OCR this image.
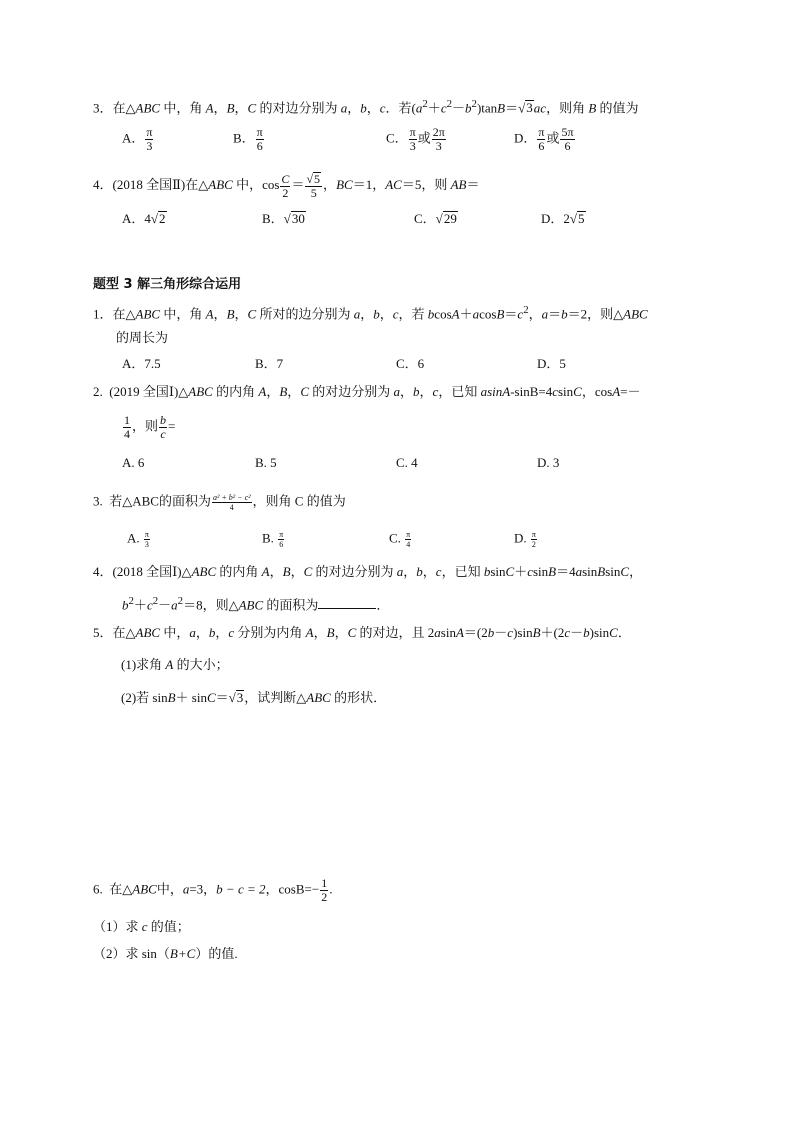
3．在△ABC 中，角 A，B，C 的对边分别为 a，b，c．若$(a^2+c^2-b^2)\tan B=√3ac$，则角 B 的值为
A． $\frac{\pi}{3}$	B． $\frac{\pi}{6}$	C． $\frac{\pi}{3}$ 或 $\frac{2\pi}{3}$	D． $\frac{\pi}{6}$ 或 $\frac{5\pi}{6}$
4．(2018 全国Ⅱ)在△ABC 中，$\cos \frac{C}{2} = \frac{√5}{5}$ ，BC＝1，AC＝5，则 AB＝
A．4√2	B．√30	C．√29	D．2√5
题型 3 解三角形综合运用
1．在△ABC 中，角 A，B，C 所对的边分别为 a，b，c，若 $bcosA+acosB=c^2$，a＝b＝2，则△ABC
的周长为
A．7.5	B．7	C．6	D．5
2. (2019 全国Ⅰ)△ABC 的内角 A，B，C 的对边分别为 a，b，c，已知 asinA-sinB=4csinC，cosA=－
$\frac{1}{4}$ ，则 $\frac{b}{c}$ =
A. 6	B. 5	C. 4	D. 3
3. 若△ABC的面积为 $\frac{\text{a² + b² − c²}}{4}$ ，则角 C 的值为
A. $\frac{\pi}{3}$	B. $\frac{\pi}{6}$	C. $\frac{\pi}{4}$	D. $\frac{\pi}{2}$
4．(2018 全国Ⅰ)△ABC 的内角 A，B，C 的对边分别为 a，b，c，已知 bsinC＋csinB＝4asinBsinC，
$b^2+c^2-a^2=8$，则△ABC 的面积为	．
5．在△ABC 中，a，b，c 分别为内角 A，B，C 的对边，且 2asinA＝(2b－c)sinB＋(2c－b)sinC．
(1)求角 A 的大小；
(2)若 sinB＋ sinC＝√3，试判断△ABC 的形状．
6. 在△ABC中，a=3，b − c = 2，$\cos B=- \frac{1}{2}$ .
（1）求 c 的值；
（2）求 sin（B+C）的值.
